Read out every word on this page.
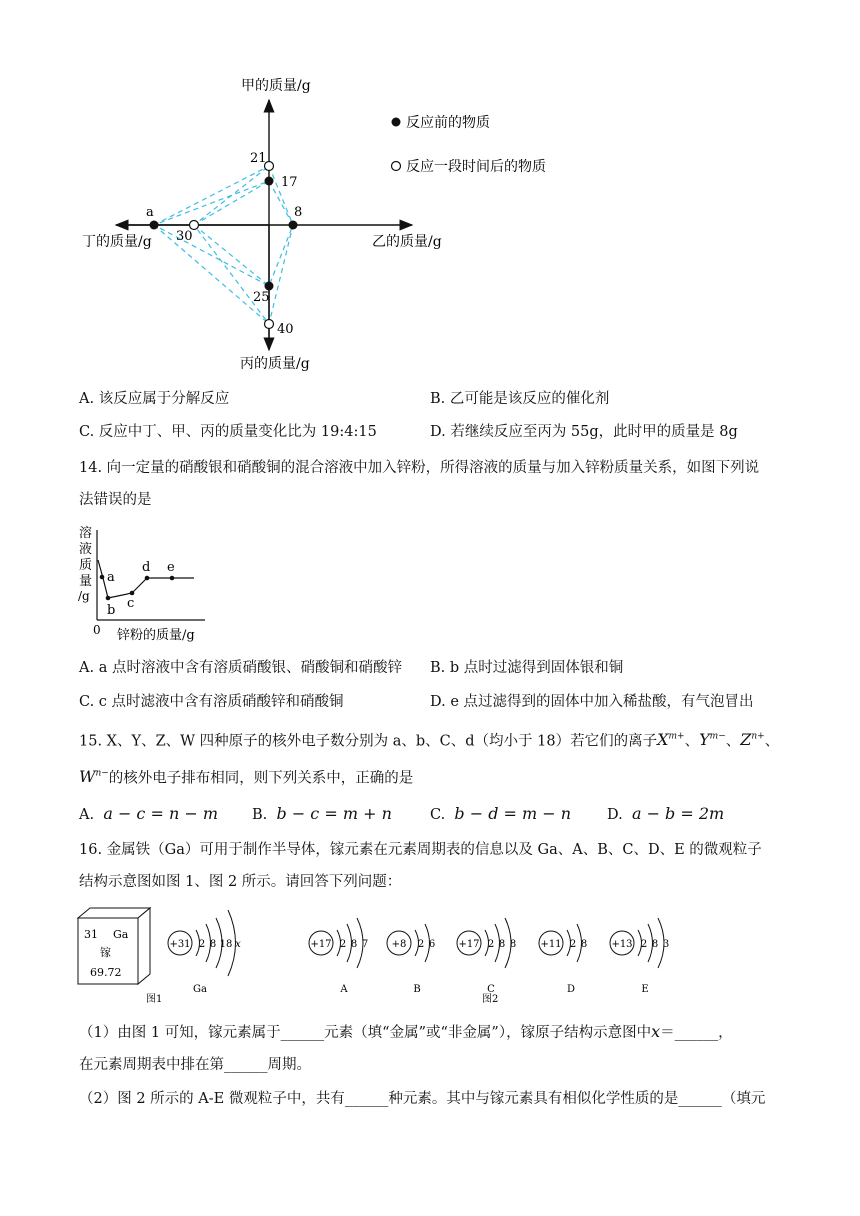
21
17
8
a
30
25
40
甲的质量/g
乙的质量/g
丙的质量/g
丁的质量/g
反应前的物质
反应一段时间后的物质
A. 该反应属于分解反应	B. 乙可能是该反应的催化剂
C. 反应中丁、甲、丙的质量变化比为 19:4:15	D. 若继续反应至丙为 55g，此时甲的质量是 8g
14. 向一定量的硝酸银和硝酸铜的混合溶液中加入锌粉，所得溶液的质量与加入锌粉质量关系，如图下列说
法错误的是
溶
液
质
量
/g
a
b c
d e
0 锌粉的质量/g
A. a 点时溶液中含有溶质硝酸银、硝酸铜和硝酸锌 B. b 点时过滤得到固体银和铜
C. c 点时滤液中含有溶质硝酸锌和硝酸铜	D. e 点过滤得到的固体中加入稀盐酸，有气泡冒出
15. X、Y、Z、W 四种原子的核外电子数分别为 a、b、C、d（均小于 18）若它们的离子$X^{m+}$、$Y^{m-}$、$Z^{n+}$、
$W^{n-}$的核外电子排布相同，则下列关系中，正确的是
A. a − c = n − m B. b − c = m + n	C. b − d = m − n D. a − b = 2m
16. 金属铁（Ga）可用于制作半导体，镓元素在元素周期表的信息以及 Ga、A、B、C、D、E 的微观粒子
结构示意图如图 1、图 2 所示。请回答下列问题：
31 Ga
镓
69.72
图1	图2
+31 2 8 18 x
Ga
+17 2 8 7
A
+8 2 6
B
+17 2 8 8
C
+11 2 8
D
+13 2 8 3
E
（1）由图 1 可知，镓元素属于______元素（填“金属”或“非金属”），镓原子结构示意图中x＝______，
在元素周期表中排在第______周期。
（2）图 2 所示的 A-E 微观粒子中，共有______种元素。其中与镓元素具有相似化学性质的是______（填元
